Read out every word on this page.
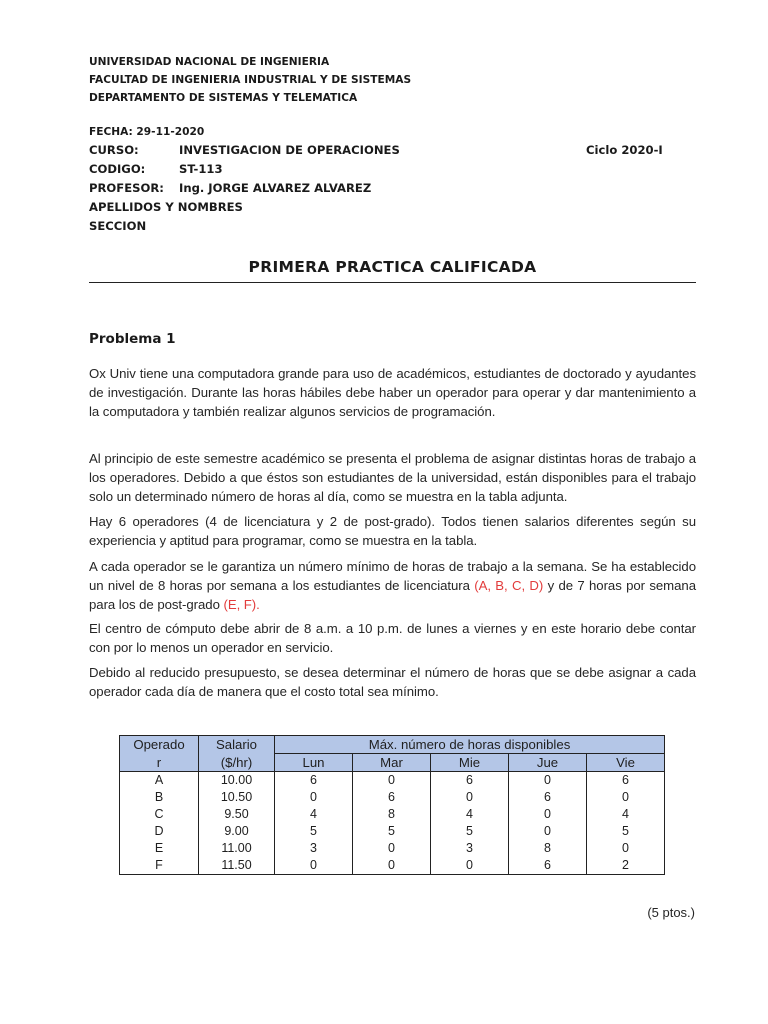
UNIVERSIDAD NACIONAL DE INGENIERIA
FACULTAD DE INGENIERIA INDUSTRIAL Y DE SISTEMAS
DEPARTAMENTO DE SISTEMAS Y TELEMATICA
FECHA: 29-11-2020
CURSO:	INVESTIGACION DE OPERACIONES	Ciclo 2020-I
CODIGO:	ST-113
PROFESOR: Ing. JORGE ALVAREZ ALVAREZ
APELLIDOS Y NOMBRES
SECCION
PRIMERA PRACTICA CALIFICADA
Problema 1

Ox Univ tiene una computadora grande para uso de académicos, estudiantes de doctorado y ayudantes de investigación. Durante las horas hábiles debe haber un operador para operar y dar mantenimiento a la computadora y también realizar algunos servicios de programación.

Al principio de este semestre académico se presenta el problema de asignar distintas horas de trabajo a los operadores. Debido a que éstos son estudiantes de la universidad, están disponibles para el trabajo solo un determinado número de horas al día, como se muestra en la tabla adjunta.

Hay 6 operadores (4 de licenciatura y 2 de post-grado). Todos tienen salarios diferentes según su experiencia y aptitud para programar, como se muestra en la tabla.

A cada operador se le garantiza un número mínimo de horas de trabajo a la semana. Se ha establecido un nivel de 8 horas por semana a los estudiantes de licenciatura (A, B, C, D) y de 7 horas por semana para los de post-grado (E, F).

El centro de cómputo debe abrir de 8 a.m. a 10 p.m. de lunes a viernes y en este horario debe contar con por lo menos un operador en servicio.

Debido al reducido presupuesto, se desea determinar el número de horas que se debe asignar a cada operador cada día de manera que el costo total sea mínimo.

Operado	Salario	Máx. número de horas disponibles				
r	($/hr)	Lun	Mar	Mie	Jue	Vie
A	10.00	6	0	6	0	6
B	10.50	0	6	0	6	0
C	9.50	4	8	4	0	4
D	9.00	5	5	5	0	5
E	11.00	3	0	3	8	0
F	11.50	0	0	0	6	2
(5 ptos.)
